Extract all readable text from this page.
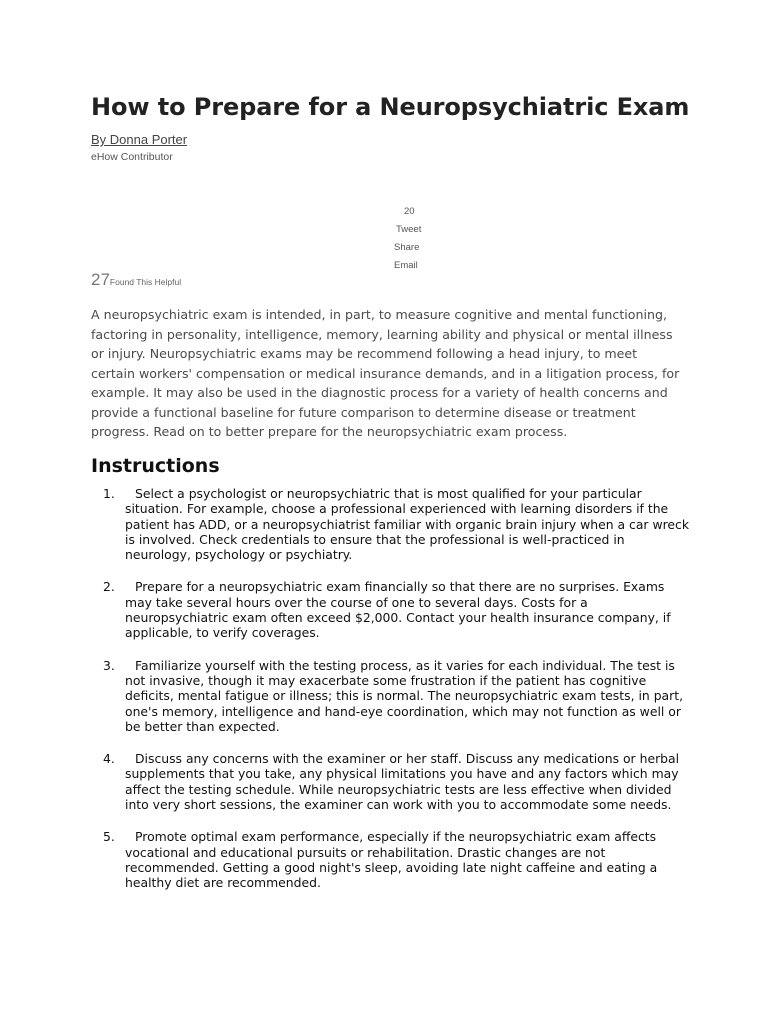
How to Prepare for a Neuropsychiatric Exam
By Donna Porter
eHow Contributor
20
Tweet
Share
Email
27Found This Helpful

A neuropsychiatric exam is intended, in part, to measure cognitive and mental functioning, factoring in personality, intelligence, memory, learning ability and physical or mental illness or injury. Neuropsychiatric exams may be recommend following a head injury, to meet certain workers' compensation or medical insurance demands, and in a litigation process, for example. It may also be used in the diagnostic process for a variety of health concerns and provide a functional baseline for future comparison to determine disease or treatment progress. Read on to better prepare for the neuropsychiatric exam process.

Instructions
1.	Select a psychologist or neuropsychiatric that is most qualified for your particular situation. For example, choose a professional experienced with learning disorders if the patient has ADD, or a neuropsychiatrist familiar with organic brain injury when a car wreck is involved. Check credentials to ensure that the professional is well-practiced in neurology, psychology or psychiatry.
2.	Prepare for a neuropsychiatric exam financially so that there are no surprises. Exams may take several hours over the course of one to several days. Costs for a neuropsychiatric exam often exceed $2,000. Contact your health insurance company, if applicable, to verify coverages.
3.	Familiarize yourself with the testing process, as it varies for each individual. The test is not invasive, though it may exacerbate some frustration if the patient has cognitive deficits, mental fatigue or illness; this is normal. The neuropsychiatric exam tests, in part, one's memory, intelligence and hand-eye coordination, which may not function as well or be better than expected.
4.	Discuss any concerns with the examiner or her staff. Discuss any medications or herbal supplements that you take, any physical limitations you have and any factors which may affect the testing schedule. While neuropsychiatric tests are less effective when divided into very short sessions, the examiner can work with you to accommodate some needs.
5.	Promote optimal exam performance, especially if the neuropsychiatric exam affects vocational and educational pursuits or rehabilitation. Drastic changes are not recommended. Getting a good night's sleep, avoiding late night caffeine and eating a healthy diet are recommended.
